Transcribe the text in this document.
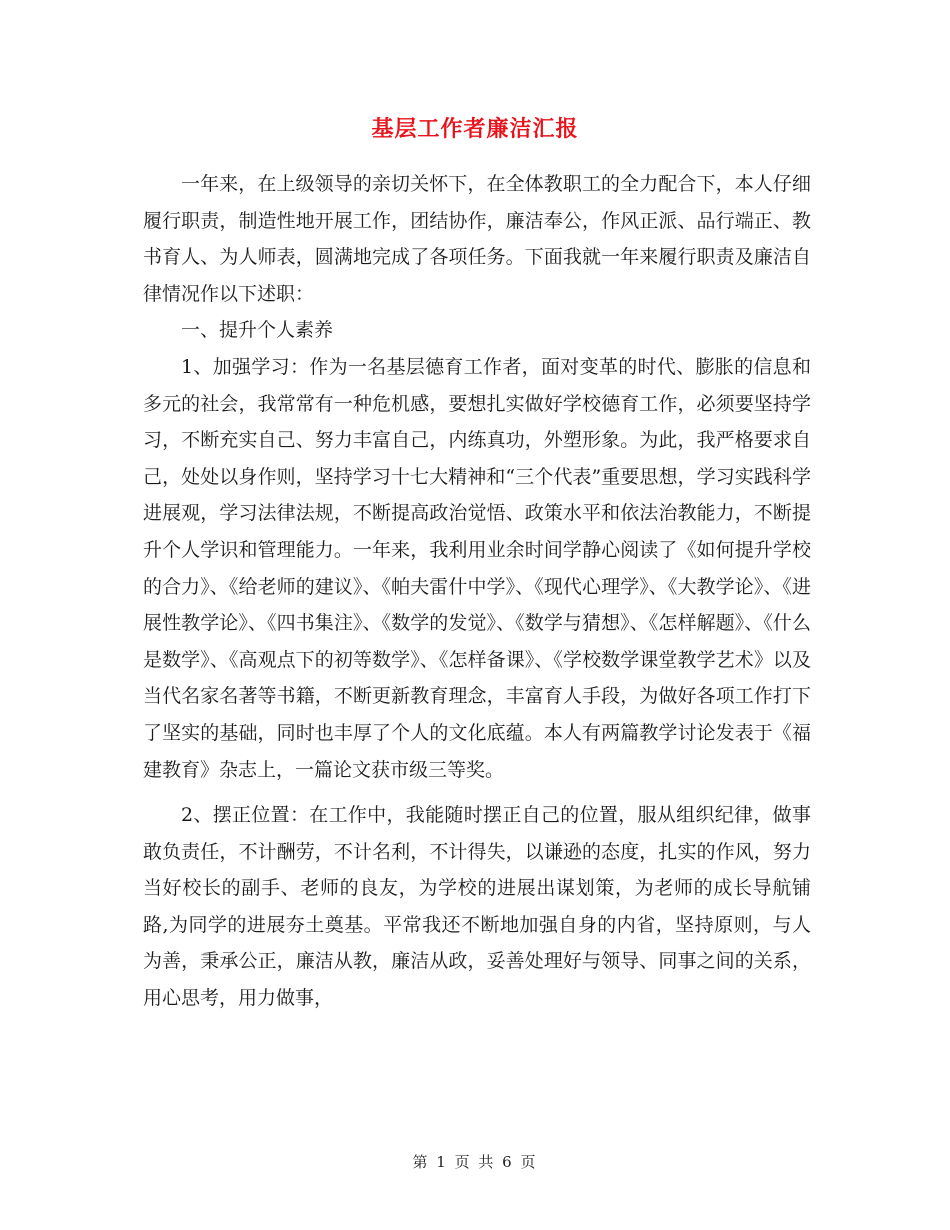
基层工作者廉洁汇报

一年来，在上级领导的亲切关怀下，在全体教职工的全力配合下，本人仔细履行职责，制造性地开展工作，团结协作，廉洁奉公，作风正派、品行端正、教书育人、为人师表，圆满地完成了各项任务。下面我就一年来履行职责及廉洁自律情况作以下述职：

一、提升个人素养

1、加强学习：作为一名基层德育工作者，面对变革的时代、膨胀的信息和多元的社会，我常常有一种危机感，要想扎实做好学校德育工作，必须要坚持学习，不断充实自己、努力丰富自己，内练真功，外塑形象。为此，我严格要求自己，处处以身作则，坚持学习十七大精神和“三个代表”重要思想，学习实践科学进展观，学习法律法规，不断提高政治觉悟、政策水平和依法治教能力，不断提升个人学识和管理能力。一年来，我利用业余时间学静心阅读了《如何提升学校的合力》、《给老师的建议》、《帕夫雷什中学》、《现代心理学》、《大教学论》、《进展性教学论》、《四书集注》、《数学的发觉》、《数学与猜想》、《怎样解题》、《什么是数学》、《高观点下的初等数学》、《怎样备课》、《学校数学课堂教学艺术》以及当代名家名著等书籍，不断更新教育理念，丰富育人手段，为做好各项工作打下了坚实的基础，同时也丰厚了个人的文化底蕴。本人有两篇教学讨论发表于《福建教育》杂志上，一篇论文获市级三等奖。

2、摆正位置：在工作中，我能随时摆正自己的位置，服从组织纪律，做事敢负责任，不计酬劳，不计名利，不计得失，以谦逊的态度，扎实的作风，努力当好校长的副手、老师的良友，为学校的进展出谋划策，为老师的成长导航铺路,为同学的进展夯土奠基。平常我还不断地加强自身的内省，坚持原则，与人为善，秉承公正，廉洁从教，廉洁从政，妥善处理好与领导、同事之间的关系，用心思考，用力做事，

第 1 页 共 6 页
